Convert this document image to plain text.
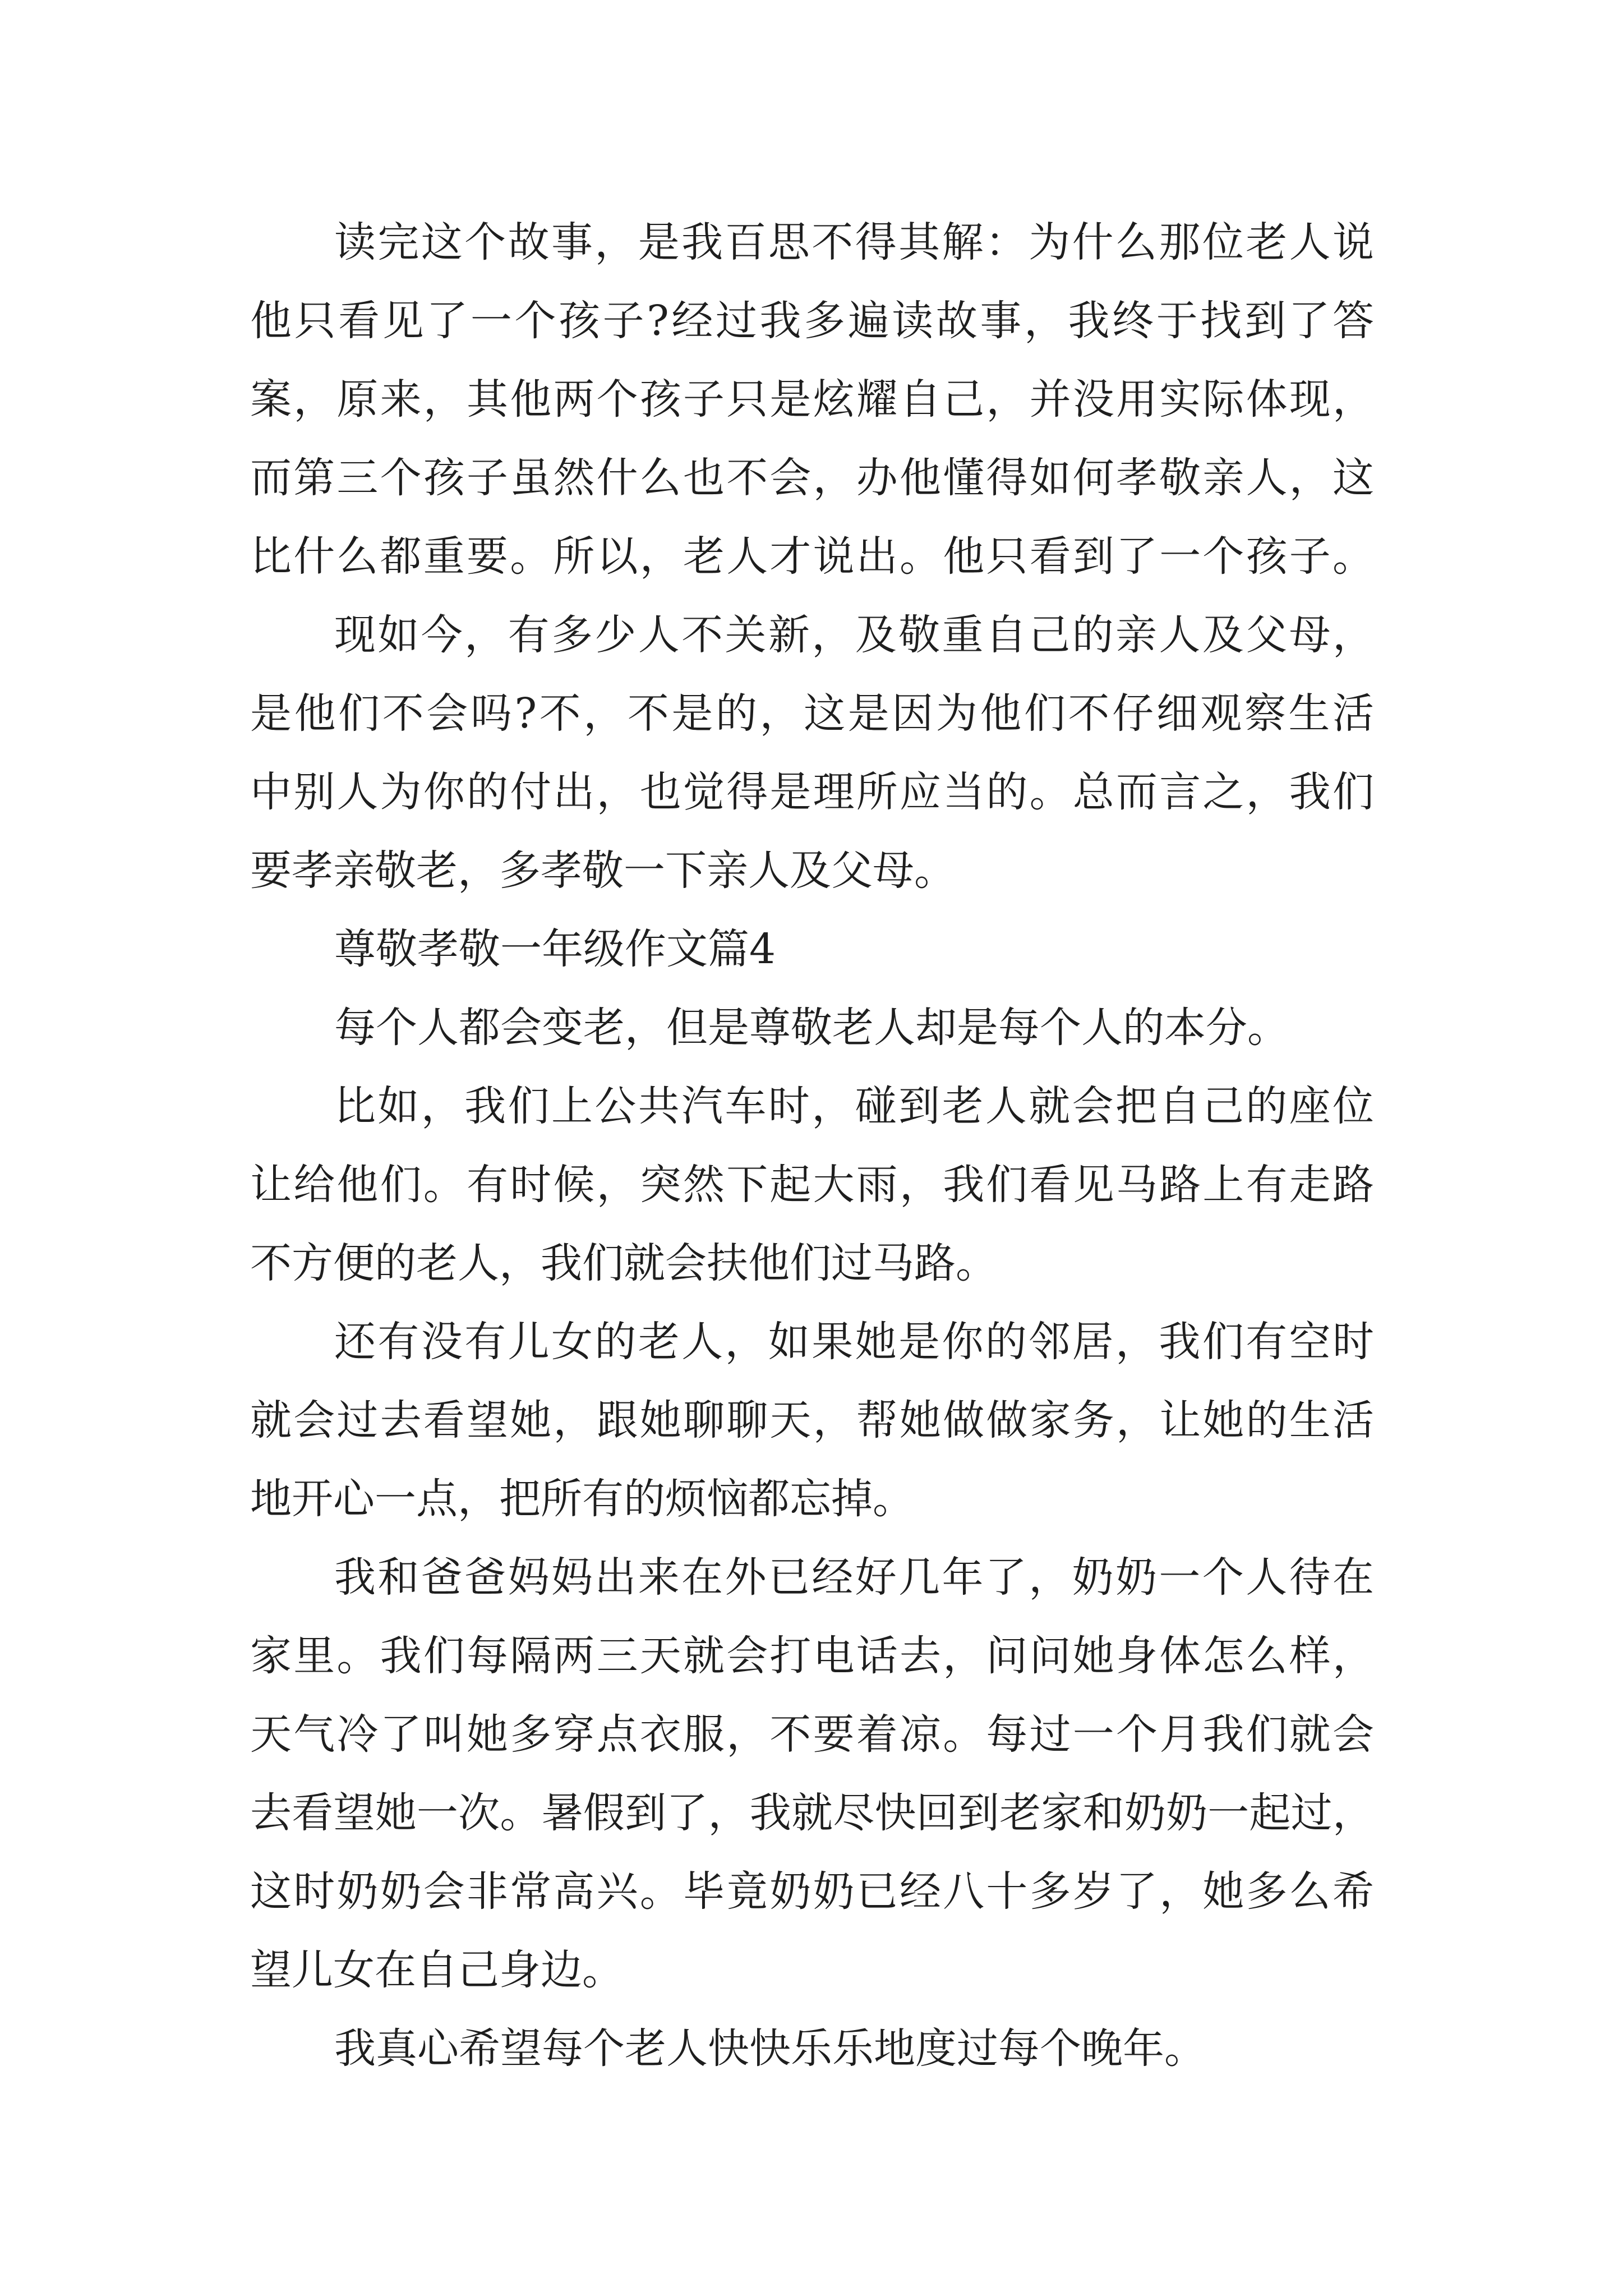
读完这个故事，是我百思不得其解：为什么那位老人说
他只看见了一个孩子?经过我多遍读故事，我终于找到了答
案，原来，其他两个孩子只是炫耀自己，并没用实际体现，
而第三个孩子虽然什么也不会，办他懂得如何孝敬亲人，这
比什么都重要。所以，老人才说出。他只看到了一个孩子。
现如今，有多少人不关新，及敬重自己的亲人及父母，
是他们不会吗?不，不是的，这是因为他们不仔细观察生活
中别人为你的付出，也觉得是理所应当的。总而言之，我们
要孝亲敬老，多孝敬一下亲人及父母。
尊敬孝敬一年级作文篇4
每个人都会变老，但是尊敬老人却是每个人的本分。
比如，我们上公共汽车时，碰到老人就会把自己的座位
让给他们。有时候，突然下起大雨，我们看见马路上有走路
不方便的老人，我们就会扶他们过马路。
还有没有儿女的老人，如果她是你的邻居，我们有空时
就会过去看望她，跟她聊聊天，帮她做做家务，让她的生活
地开心一点，把所有的烦恼都忘掉。
我和爸爸妈妈出来在外已经好几年了，奶奶一个人待在
家里。我们每隔两三天就会打电话去，问问她身体怎么样，
天气冷了叫她多穿点衣服，不要着凉。每过一个月我们就会
去看望她一次。暑假到了，我就尽快回到老家和奶奶一起过，
这时奶奶会非常高兴。毕竟奶奶已经八十多岁了，她多么希
望儿女在自己身边。
我真心希望每个老人快快乐乐地度过每个晚年。
